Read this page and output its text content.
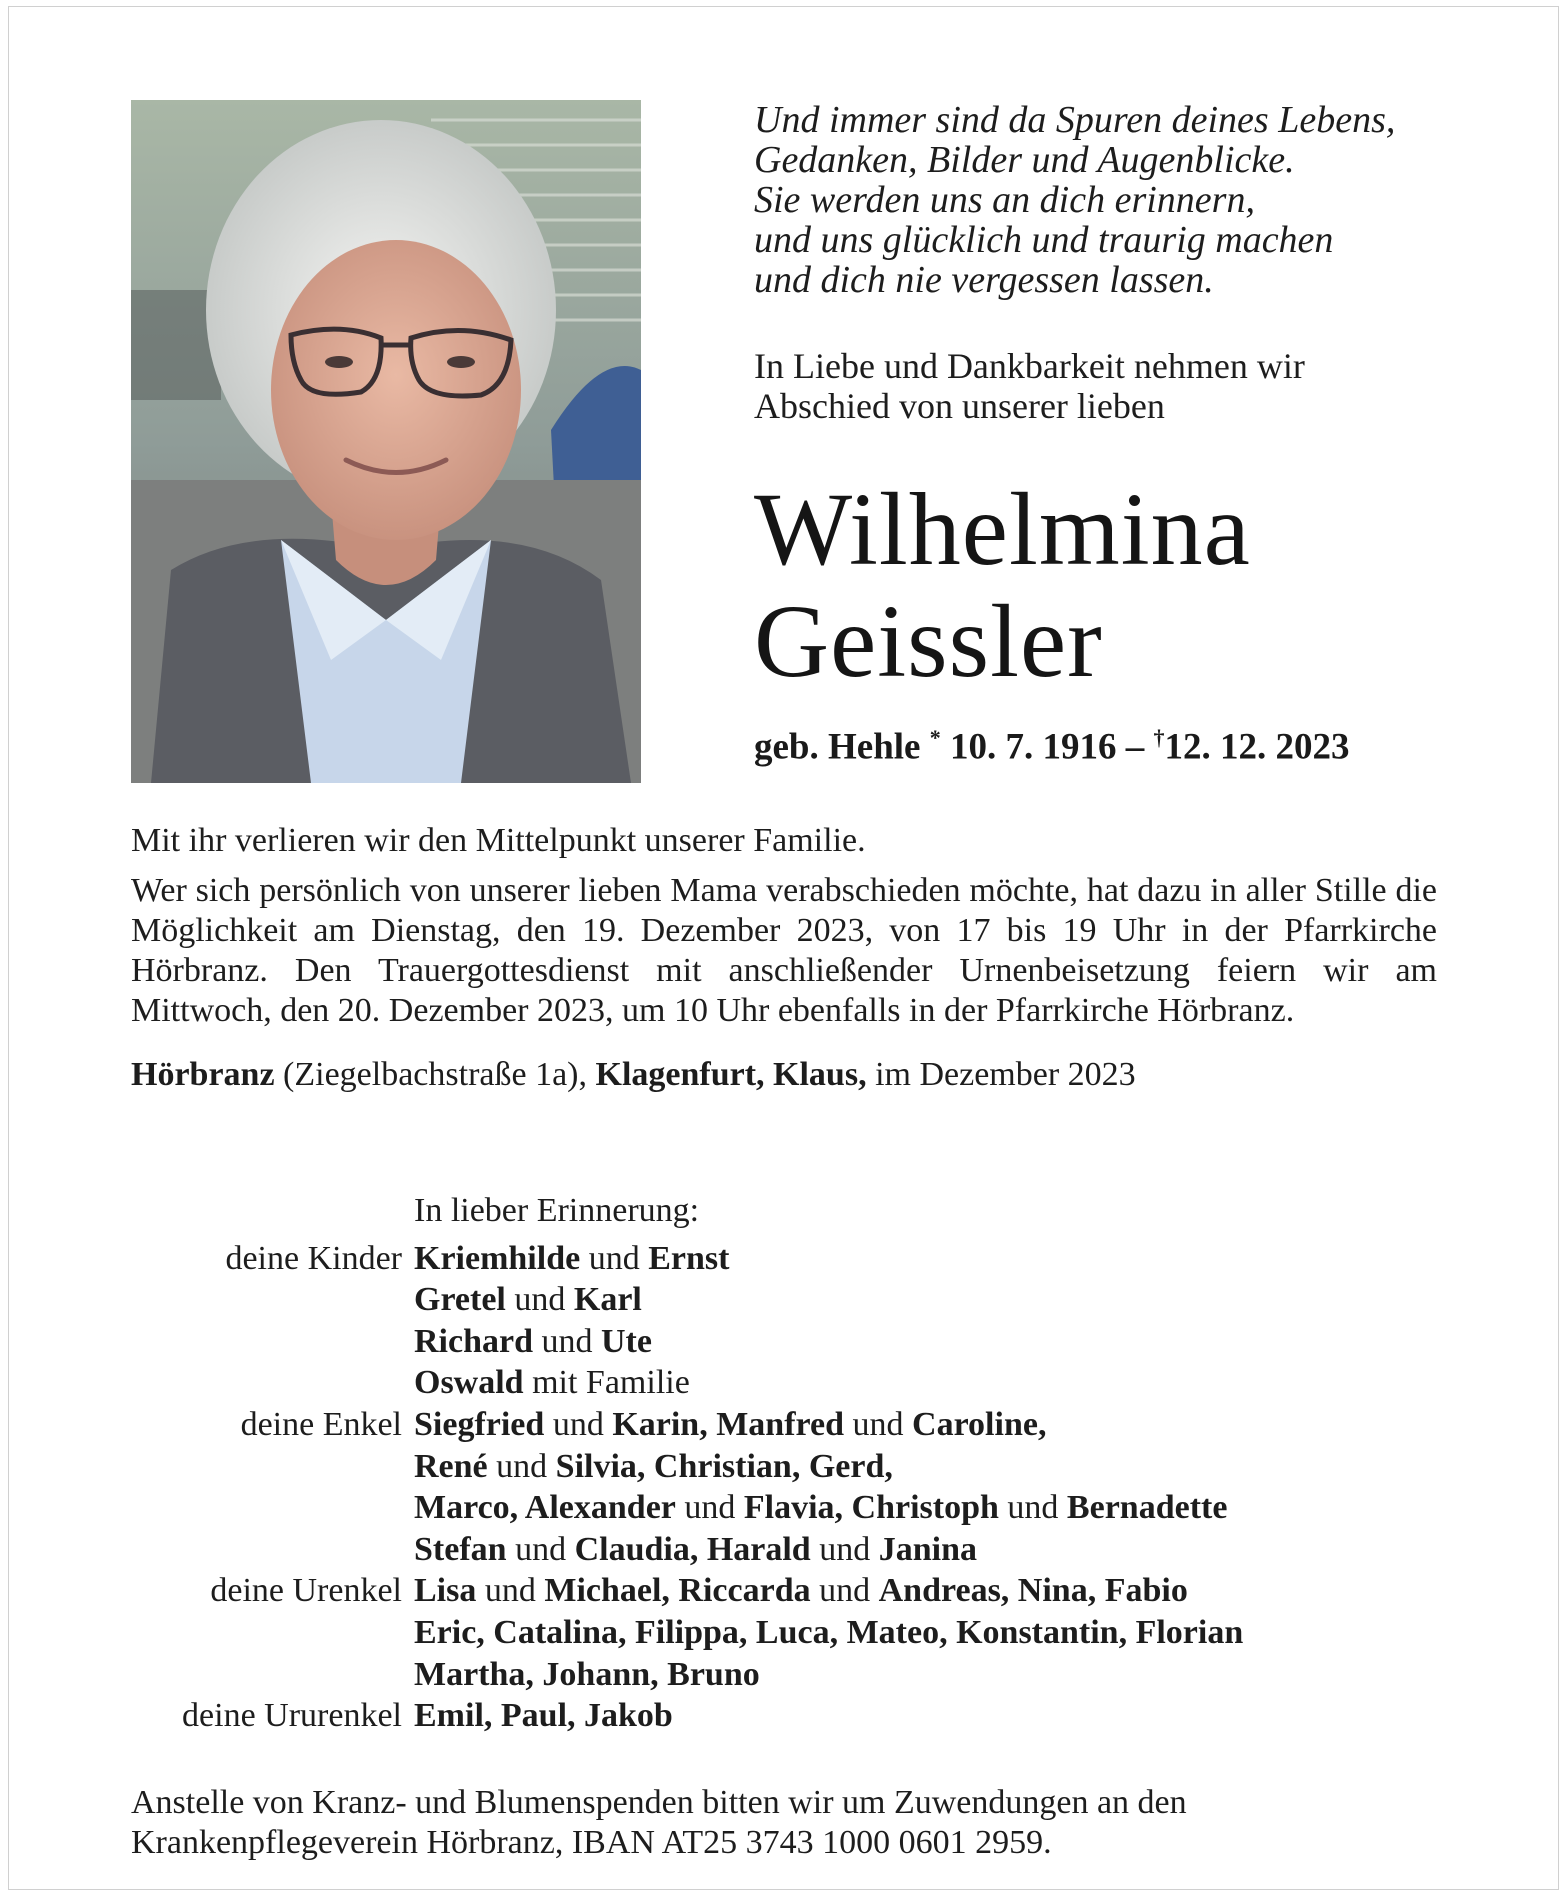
Und immer sind da Spuren deines Lebens,
Gedanken, Bilder und Augenblicke.
Sie werden uns an dich erinnern,
und uns glücklich und traurig machen
und dich nie vergessen lassen.
In Liebe und Dankbarkeit nehmen wir
Abschied von unserer lieben
Wilhelmina
Geissler
geb. Hehle * 10. 7. 1916 – †12. 12. 2023
Mit ihr verlieren wir den Mittelpunkt unserer Familie.
Wer sich persönlich von unserer lieben Mama verabschieden möchte, hat dazu in aller Stille die Möglichkeit am Dienstag, den 19. Dezember 2023, von 17 bis 19 Uhr in der Pfarrkirche Hörbranz. Den Trauergottesdienst mit anschließender Urnenbeisetzung feiern wir am Mittwoch, den 20. Dezember 2023, um 10 Uhr ebenfalls in der Pfarrkirche Hörbranz.
Hörbranz (Ziegelbachstraße 1a), Klagenfurt, Klaus, im Dezember 2023
In lieber Erinnerung:
deine Kinder Kriemhilde und Ernst
Gretel und Karl
Richard und Ute
Oswald mit Familie
deine Enkel Siegfried und Karin, Manfred und Caroline,
René und Silvia, Christian, Gerd,
Marco, Alexander und Flavia, Christoph und Bernadette
Stefan und Claudia, Harald und Janina
deine Urenkel Lisa und Michael, Riccarda und Andreas, Nina, Fabio
Eric, Catalina, Filippa, Luca, Mateo, Konstantin, Florian
Martha, Johann, Bruno
deine Ururenkel Emil, Paul, Jakob
Anstelle von Kranz- und Blumenspenden bitten wir um Zuwendungen an den
Krankenpflegeverein Hörbranz, IBAN AT25 3743 1000 0601 2959.
